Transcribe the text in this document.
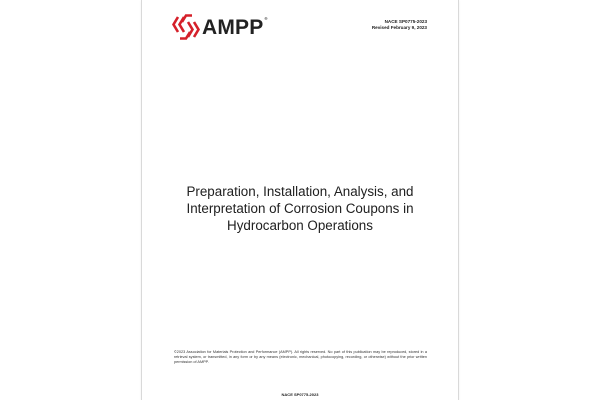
AMPP®
NACE SP0775-2023
Revised February 9, 2023
Preparation, Installation, Analysis, and
Interpretation of Corrosion Coupons in
Hydrocarbon Operations
©2023 Association for Materials Protection and Performance (AMPP). All rights reserved. No part of this publication may be reproduced, stored in a retrieval system, or transmitted, in any form or by any means (electronic, mechanical, photocopying, recording, or otherwise) without the prior written permission of AMPP.
NACE SP0775-2023
